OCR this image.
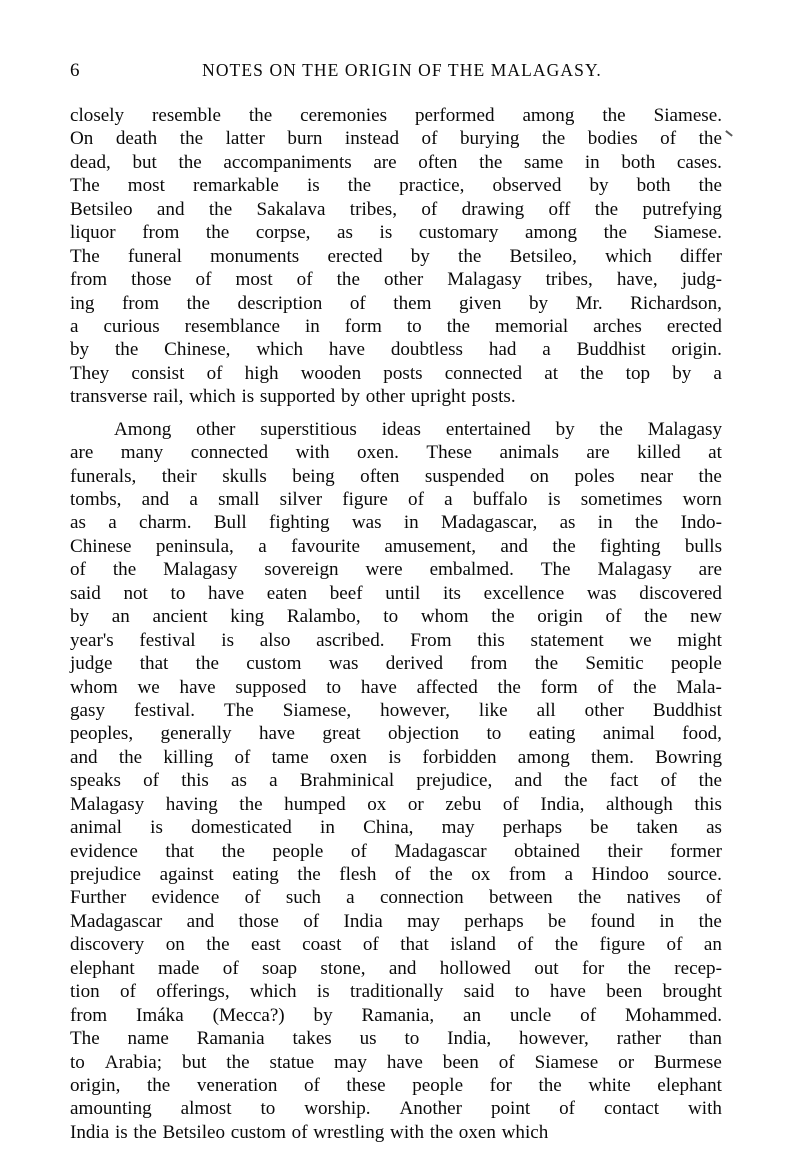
6	NOTES ON THE ORIGIN OF THE MALAGASY.
closely resemble the ceremonies performed among the Siamese.
On death the latter burn instead of burying the bodies of the
dead, but the accompaniments are often the same in both cases.
The most remarkable is the practice, observed by both the
Betsileo and the Sakalava tribes, of drawing off the putrefying
liquor from the corpse, as is customary among the Siamese.
The funeral monuments erected by the Betsileo, which differ
from those of most of the other Malagasy tribes, have, judg-
ing from the description of them given by Mr. Richardson,
a curious resemblance in form to the memorial arches erected
by the Chinese, which have doubtless had a Buddhist origin.
They consist of high wooden posts connected at the top by a
transverse rail, which is supported by other upright posts.
Among	other	superstitious	ideas	entertained	by	the	Malagasy
are many connected with oxen. These animals are killed at
funerals, their skulls being often suspended on poles near the
tombs, and a small silver figure of a buffalo is sometimes worn
as a charm. Bull fighting was in Madagascar, as in the Indo-
Chinese peninsula, a favourite amusement, and the fighting bulls
of the Malagasy sovereign were embalmed. The Malagasy are
said not to have eaten beef until its excellence was discovered
by an ancient king Ralambo, to whom the origin of the new
year's festival is also ascribed. From this statement we might
judge that the custom was derived from the Semitic people
whom we have supposed to have affected the form of the Mala-
gasy festival. The Siamese, however, like all other Buddhist
peoples, generally have great objection to eating animal food,
and the killing of tame oxen is forbidden among them. Bowring
speaks of this as a Brahminical prejudice, and the fact of the
Malagasy having the humped ox or zebu of India, although this
animal is domesticated in China, may perhaps be taken as
evidence that the people of Madagascar obtained their former
prejudice against eating the flesh of the ox from a Hindoo source.
Further evidence of such a connection between the natives of
Madagascar and those of India may perhaps be found in the
discovery on the east coast of that island of the figure of an
elephant made of soap stone, and hollowed out for the recep-
tion of offerings, which is traditionally said to have been brought
from Imáka (Mecca?) by Ramania, an uncle of Mohammed.
The name Ramania takes us to India, however, rather than
to Arabia; but the statue may have been of Siamese or Burmese
origin, the veneration of these people for the white elephant
amounting almost to worship. Another point of contact with
India is the Betsileo custom of wrestling with the oxen which
